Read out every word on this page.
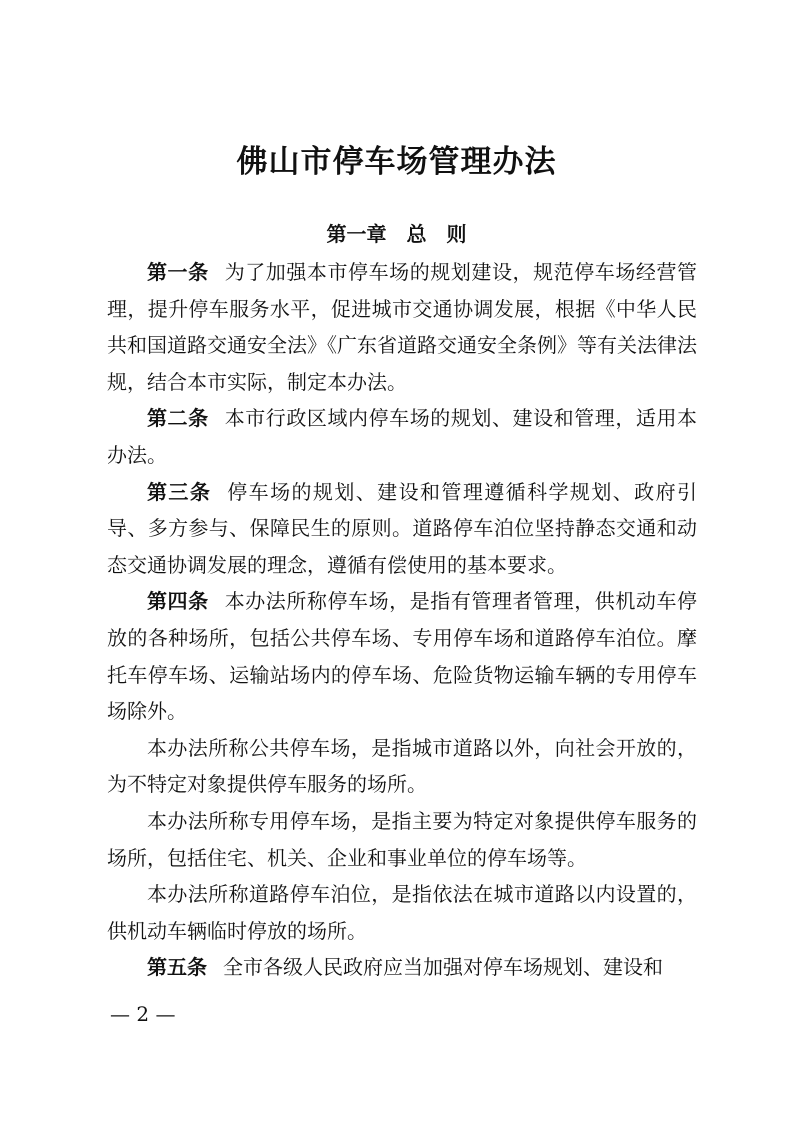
佛山市停车场管理办法
第一章　总　则

第一条 为了加强本市停车场的规划建设，规范停车场经营管理，提升停车服务水平，促进城市交通协调发展，根据《中华人民共和国道路交通安全法》《广东省道路交通安全条例》等有关法律法规，结合本市实际，制定本办法。

第二条 本市行政区域内停车场的规划、建设和管理，适用本办法。

第三条 停车场的规划、建设和管理遵循科学规划、政府引导、多方参与、保障民生的原则。道路停车泊位坚持静态交通和动态交通协调发展的理念，遵循有偿使用的基本要求。

第四条 本办法所称停车场，是指有管理者管理，供机动车停放的各种场所，包括公共停车场、专用停车场和道路停车泊位。摩托车停车场、运输站场内的停车场、危险货物运输车辆的专用停车场除外。

本办法所称公共停车场，是指城市道路以外，向社会开放的，为不特定对象提供停车服务的场所。

本办法所称专用停车场，是指主要为特定对象提供停车服务的场所，包括住宅、机关、企业和事业单位的停车场等。

本办法所称道路停车泊位，是指依法在城市道路以内设置的，供机动车辆临时停放的场所。

第五条 全市各级人民政府应当加强对停车场规划、建设和

— 2 —
